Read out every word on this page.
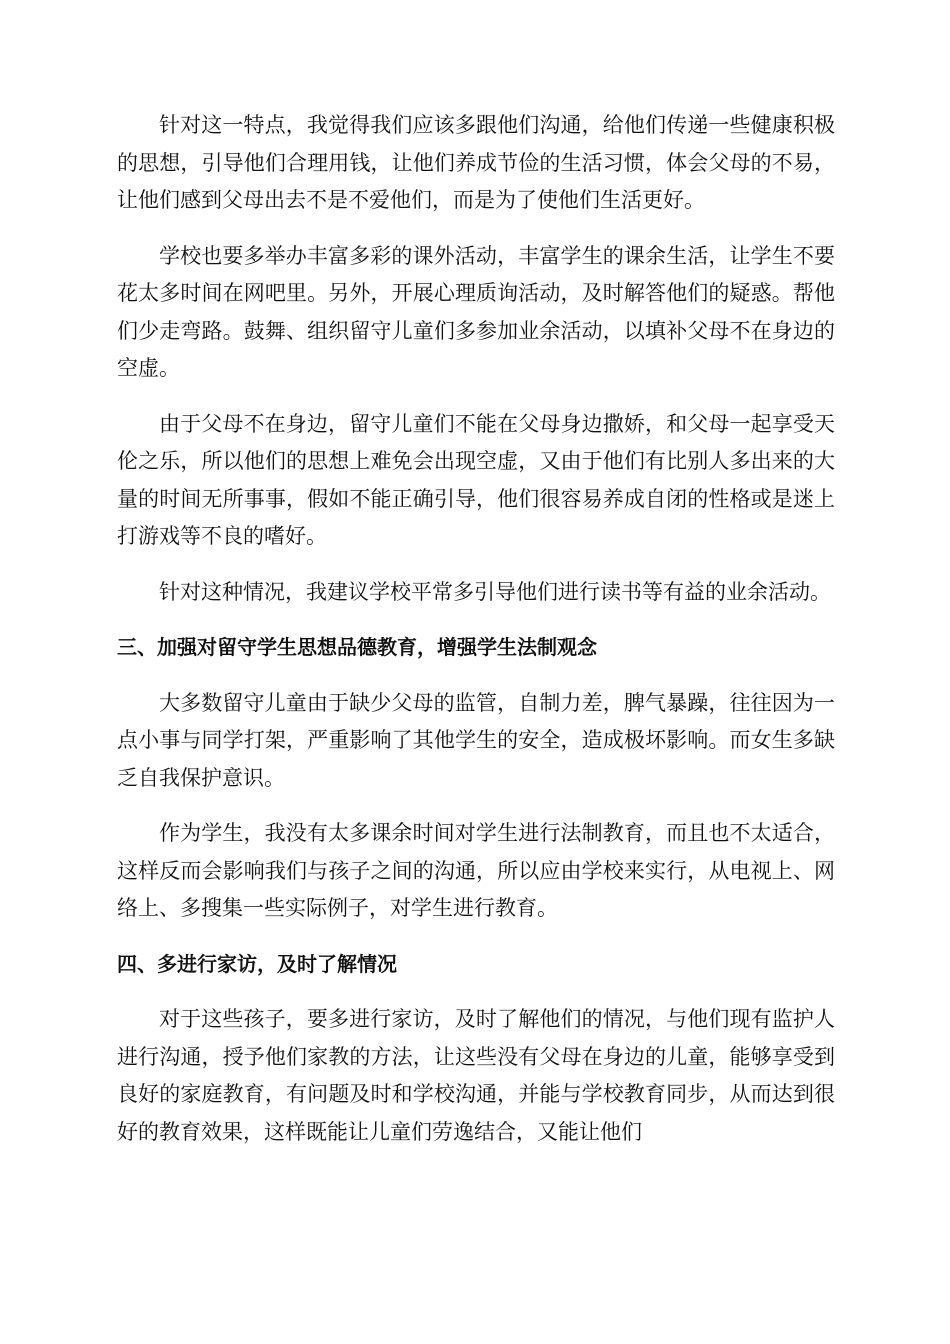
针对这一特点，我觉得我们应该多跟他们沟通，给他们传递一些健康积极的思想，引导他们合理用钱，让他们养成节俭的生活习惯，体会父母的不易，让他们感到父母出去不是不爱他们，而是为了使他们生活更好。

学校也要多举办丰富多彩的课外活动，丰富学生的课余生活，让学生不要花太多时间在网吧里。另外，开展心理质询活动，及时解答他们的疑惑。帮他们少走弯路。鼓舞、组织留守儿童们多参加业余活动，以填补父母不在身边的空虚。

由于父母不在身边，留守儿童们不能在父母身边撒娇，和父母一起享受天伦之乐，所以他们的思想上难免会出现空虚，又由于他们有比别人多出来的大量的时间无所事事，假如不能正确引导，他们很容易养成自闭的性格或是迷上打游戏等不良的嗜好。

针对这种情况，我建议学校平常多引导他们进行读书等有益的业余活动。

三、加强对留守学生思想品德教育，增强学生法制观念

大多数留守儿童由于缺少父母的监管，自制力差，脾气暴躁，往往因为一点小事与同学打架，严重影响了其他学生的安全，造成极坏影响。而女生多缺乏自我保护意识。

作为学生，我没有太多课余时间对学生进行法制教育，而且也不太适合，这样反而会影响我们与孩子之间的沟通，所以应由学校来实行，从电视上、网络上、多搜集一些实际例子，对学生进行教育。

四、多进行家访，及时了解情况

对于这些孩子，要多进行家访，及时了解他们的情况，与他们现有监护人进行沟通，授予他们家教的方法，让这些没有父母在身边的儿童，能够享受到良好的家庭教育，有问题及时和学校沟通，并能与学校教育同步，从而达到很好的教育效果，这样既能让儿童们劳逸结合，又能让他们
